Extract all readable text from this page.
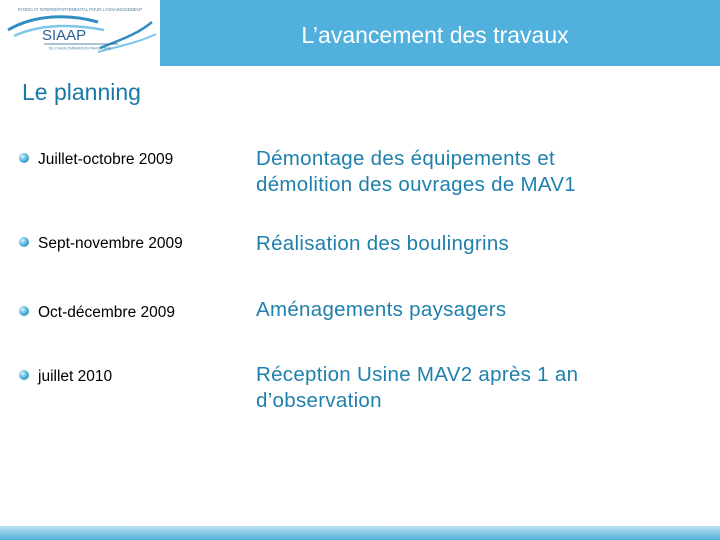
SYNDICAT INTERDÉPARTEMENTAL POUR L'ASSAINISSEMENT
SIAAP
DE L'AGGLOMÉRATION PARISIENNE
L’avancement des travaux
Le planning
Juillet-octobre 2009	Démontage des équipements et
démolition des ouvrages de MAV1
Sept-novembre 2009	Réalisation des boulingrins
Oct-décembre 2009	Aménagements paysagers
juillet 2010	Réception Usine MAV2 après 1 an
d’observation
